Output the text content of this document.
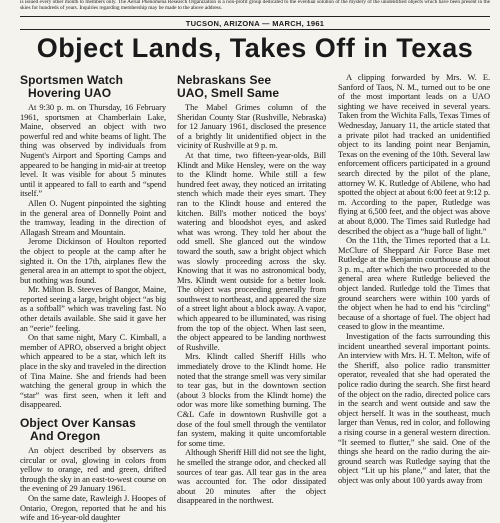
is issued every other month to members only. The Aerial Phenomena Research Organization is a non-profit group dedicated to the eventual solution of the mystery of the unidentified objects which have been present in the skies for hundreds of years. Inquiries regarding membership may be made to the above address.
TUCSON, ARIZONA — MARCH, 1961
Object Lands, Takes Off in Texas
Sportsmen Watch
Hovering UAO

At 9:30 p. m. on Thursday, 16 February 1961, sportsmen at Chamberlain Lake, Maine, observed an object with two powerful red and white beams of light. The thing was observed by individuals from Nugent's Airport and Sporting Camps and appeared to be hanging in mid-air at treetop level. It was visible for about 5 minutes until it appeared to fall to earth and “spend itself.”

Allen O. Nugent pinpointed the sighting in the general area of Donnelly Point and the tramway, leading in the direction of Allagash Stream and Mountain.

Jerome Dickinson of Houlton reported the object to people at the camp after he sighted it. On the 17th, airplanes flew the general area in an attempt to spot the object, but nothing was found.

Mr. Milton B. Steeves of Bangor, Maine, reported seeing a large, bright object “as big as a softball” which was traveling fast. No other details available. She said it gave her an “eerie” feeling.

On that same night, Mary C. Kimball, a member of APRO, observed a bright object which appeared to be a star, which left its place in the sky and traveled in the direction of Tina Maine. She and friends had been watching the general group in which the “star” was first seen, when it left and disappeared.

Object Over Kansas
And Oregon

An object described by observers as circular or oval, glowing in colors from yellow to orange, red and green, drifted through the sky in an east-to-west course on the evening of 29 January 1961.

On the same date, Rawleigh J. Hoopes of Ontario, Oregon, reported that he and his wife and 16-year-old daughter

Nebraskans See
UAO, Smell Same

The Mabel Grimes column of the Sheridan County Star (Rushville, Nebraska) for 12 January 1961, disclosed the presence of a brightly lit unidentified object in the vicinity of Rushville at 9 p. m.

At that time, two fifteen-year-olds, Bill Klindt and Mike Hensley, were on the way to the Klindt home. While still a few hundred feet away, they noticed an irritating stench which made their eyes smart. They ran to the Klindt house and entered the kitchen. Bill's mother noticed the boys' watering and bloodshot eyes, and asked what was wrong. They told her about the odd smell. She glanced out the window toward the south, saw a bright object which was slowly proceeding across the sky. Knowing that it was no astronomical body, Mrs. Klindt went outside for a better look. The object was proceeding generally from southwest to northeast, and appeared the size of a street light about a block away. A vapor, which appeared to be illuminated, was rising from the top of the object. When last seen, the object appeared to be landing northwest of Rushville.

Mrs. Klindt called Sheriff Hills who immediately drove to the Klindt home. He noted that the strange smell was very similar to tear gas, but in the downtown section (about 3 blocks from the Klindt home) the odor was more like something burning. The C&L Cafe in downtown Rushville got a dose of the foul smell through the ventilator fan system, making it quite uncomfortable for some time.

Although Sheriff Hill did not see the light, he smelled the strange odor, and checked all sources of tear gas. All tear gas in the area was accounted for. The odor dissipated about 20 minutes after the object disappeared in the northwest.

A clipping forwarded by Mrs. W. E. Sanford of Taos, N. M., turned out to be one of the most important leads on a UAO sighting we have received in several years. Taken from the Wichita Falls, Texas Times of Wednesday, January 11, the article stated that a private pilot had tracked an unidentified object to its landing point near Benjamin, Texas on the evening of the 10th. Several law enforcement officers participated in a ground search directed by the pilot of the plane, attorney W. K. Rutledge of Abilene, who had spotted the object at about 6:00 feet at 9:12 p. m. According to the paper, Rutledge was flying at 6,500 feet, and the object was above at about 8,000. The Times said Rutledge had described the object as a “huge ball of light.”

On the 11th, the Times reported that a Lt. McClure of Sheppard Air Force Base met Rutledge at the Benjamin courthouse at about 3 p. m., after which the two proceeded to the general area where Rutledge believed the object landed. Rutledge told the Times that ground searchers were within 100 yards of the object when he had to end his “circling” because of a shortage of fuel. The object had ceased to glow in the meantime.

Investigation of the facts surrounding this incident unearthed several important points. An interview with Mrs. H. T. Melton, wife of the Sheriff, also police radio transmitter operator, revealed that she had operated the police radio during the search. She first heard of the object on the radio, directed police cars in the search and went outside and saw the object herself. It was in the southeast, much larger than Venus, red in color, and following a rising course in a general western direction. “It seemed to flutter,” she said. One of the things she heard on the radio during the air-ground search was Rutledge saying that the object “Lit up his plane,” and later, that the object was only about 100 yards away from
